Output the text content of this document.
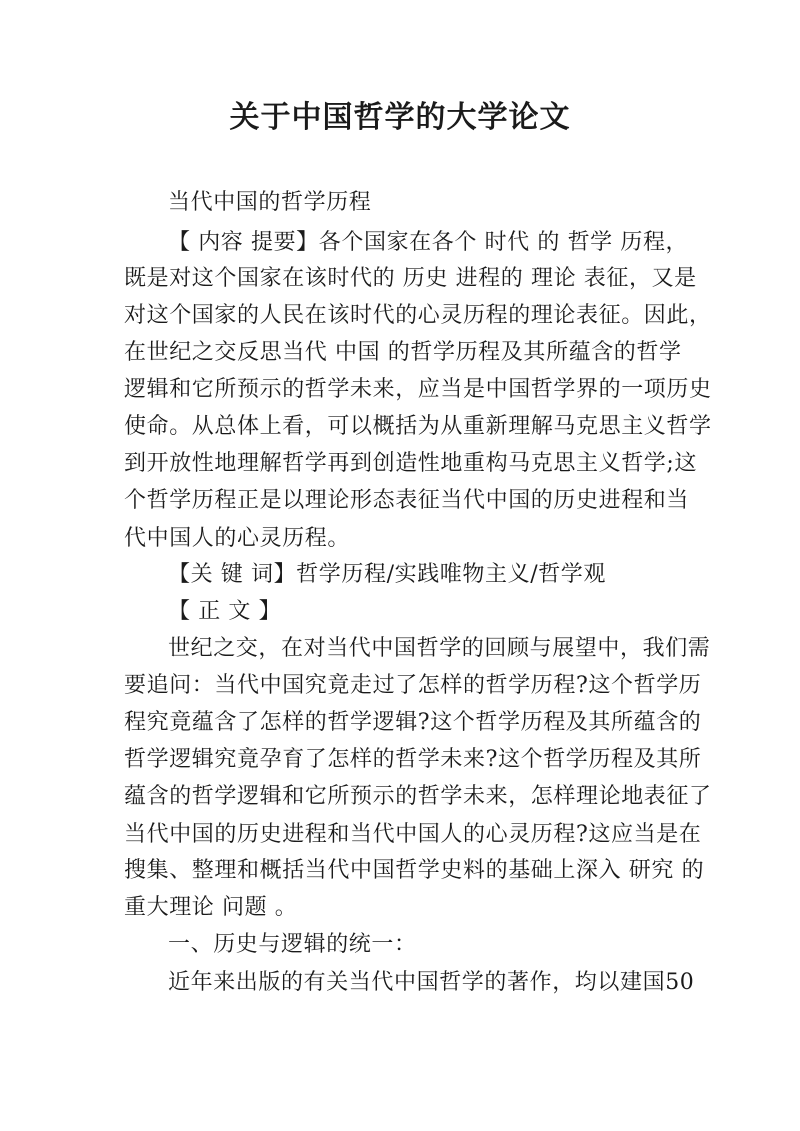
关于中国哲学的大学论文
当代中国的哲学历程
【 内容 提要】各个国家在各个 时代 的 哲学 历程，
既是对这个国家在该时代的 历史 进程的 理论 表征，又是
对这个国家的人民在该时代的心灵历程的理论表征。因此，
在世纪之交反思当代 中国 的哲学历程及其所蕴含的哲学
逻辑和它所预示的哲学未来，应当是中国哲学界的一项历史
使命。从总体上看，可以概括为从重新理解马克思主义哲学
到开放性地理解哲学再到创造性地重构马克思主义哲学;这
个哲学历程正是以理论形态表征当代中国的历史进程和当
代中国人的心灵历程。
【关 键 词】哲学历程/实践唯物主义/哲学观
【 正 文 】
世纪之交，在对当代中国哲学的回顾与展望中，我们需
要追问：当代中国究竟走过了怎样的哲学历程?这个哲学历
程究竟蕴含了怎样的哲学逻辑?这个哲学历程及其所蕴含的
哲学逻辑究竟孕育了怎样的哲学未来?这个哲学历程及其所
蕴含的哲学逻辑和它所预示的哲学未来，怎样理论地表征了
当代中国的历史进程和当代中国人的心灵历程?这应当是在
搜集、整理和概括当代中国哲学史料的基础上深入 研究 的
重大理论 问题 。
一、历史与逻辑的统一：
近年来出版的有关当代中国哲学的著作，均以建国50
